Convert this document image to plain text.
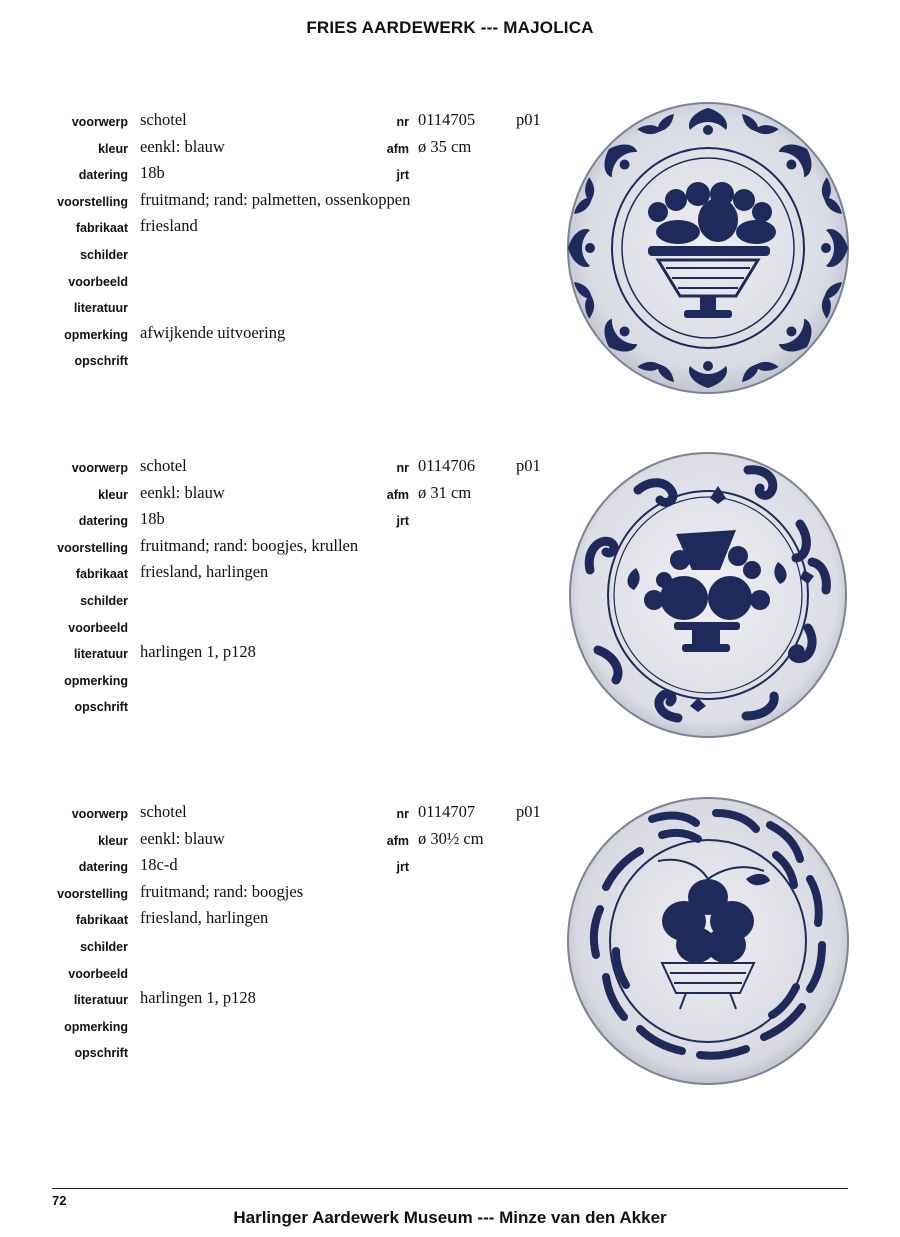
FRIES AARDEWERK --- MAJOLICA
voorwerp schotel
kleur eenkl: blauw
datering 18b
voorstelling fruitmand; rand: palmetten, ossenkoppen
fabrikaat friesland
schilder
voorbeeld
literatuur
opmerking afwijkende uitvoering
opschrift
nr 0114705
afm ø 35 cm
jrt
p01
voorwerp schotel
kleur eenkl: blauw
datering 18b
voorstelling fruitmand; rand: boogjes, krullen
fabrikaat friesland, harlingen
schilder
voorbeeld
literatuur harlingen 1, p128
opmerking
opschrift
nr 0114706
afm ø 31 cm
jrt
p01
voorwerp schotel
kleur eenkl: blauw
datering 18c-d
voorstelling fruitmand; rand: boogjes
fabrikaat friesland, harlingen
schilder
voorbeeld
literatuur harlingen 1, p128
opmerking
opschrift
nr 0114707
afm ø 30½ cm
jrt
p01
72
Harlinger Aardewerk Museum --- Minze van den Akker
